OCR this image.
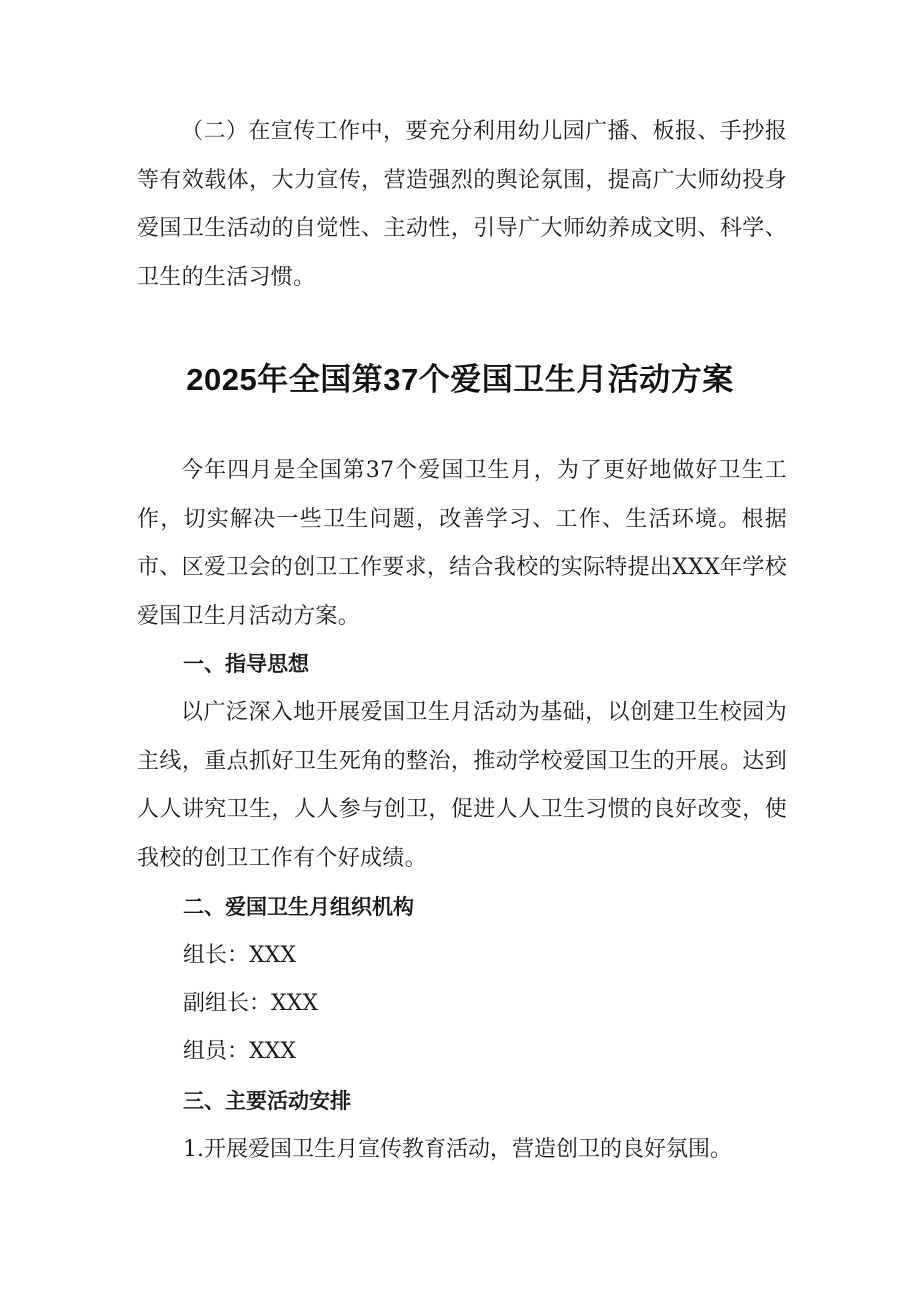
（二）在宣传工作中，要充分利用幼儿园广播、板报、手抄报等有效载体，大力宣传，营造强烈的舆论氛围，提高广大师幼投身爱国卫生活动的自觉性、主动性，引导广大师幼养成文明、科学、卫生的生活习惯。

2025年全国第37个爱国卫生月活动方案

今年四月是全国第37个爱国卫生月，为了更好地做好卫生工作，切实解决一些卫生问题，改善学习、工作、生活环境。根据市、区爱卫会的创卫工作要求，结合我校的实际特提出XXX年学校爱国卫生月活动方案。

一、指导思想

以广泛深入地开展爱国卫生月活动为基础，以创建卫生校园为主线，重点抓好卫生死角的整治，推动学校爱国卫生的开展。达到人人讲究卫生，人人参与创卫，促进人人卫生习惯的良好改变，使我校的创卫工作有个好成绩。

二、爱国卫生月组织机构

组长：XXX

副组长：XXX

组员：XXX

三、主要活动安排

1.开展爱国卫生月宣传教育活动，营造创卫的良好氛围。
